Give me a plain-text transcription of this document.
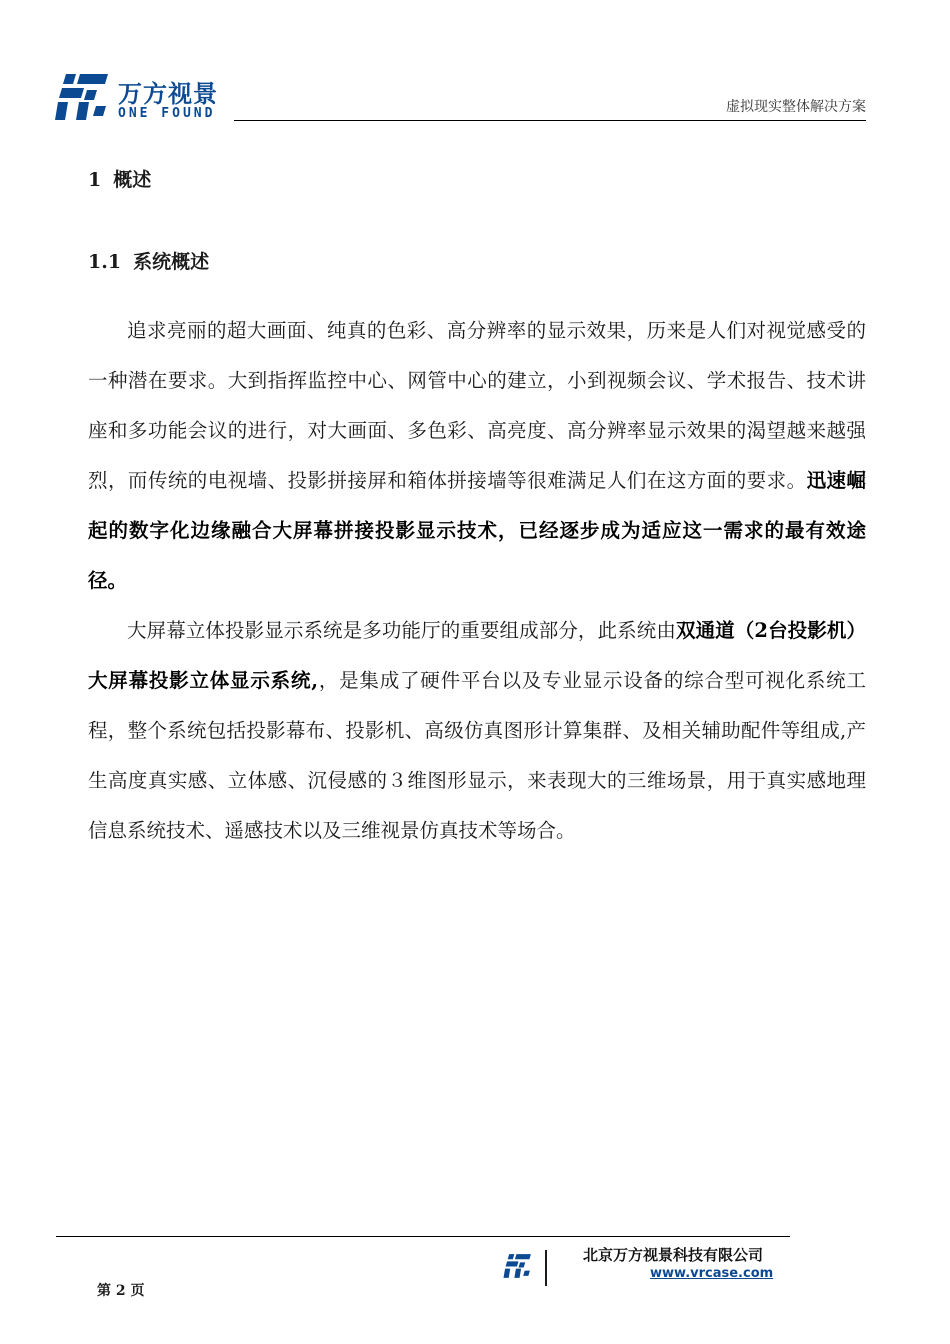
万方视景
ONE FOUND	虚拟现实整体解决方案
1 概述
1.1 系统概述

追求亮丽的超大画面、纯真的色彩、高分辨率的显示效果，历来是人们对视觉感受的一种潜在要求。大到指挥监控中心、网管中心的建立，小到视频会议、学术报告、技术讲座和多功能会议的进行，对大画面、多色彩、高亮度、高分辨率显示效果的渴望越来越强烈，而传统的电视墙、投影拼接屏和箱体拼接墙等很难满足人们在这方面的要求。迅速崛起的数字化边缘融合大屏幕拼接投影显示技术，已经逐步成为适应这一需求的最有效途径。

大屏幕立体投影显示系统是多功能厅的重要组成部分，此系统由双通道（2台投影机）大屏幕投影立体显示系统,，是集成了硬件平台以及专业显示设备的综合型可视化系统工程，整个系统包括投影幕布、投影机、高级仿真图形计算集群、及相关辅助配件等组成,产生高度真实感、立体感、沉侵感的３维图形显示，来表现大的三维场景，用于真实感地理信息系统技术、遥感技术以及三维视景仿真技术等场合。

第 2 页
北京万方视景科技有限公司
www.vrcase.com
